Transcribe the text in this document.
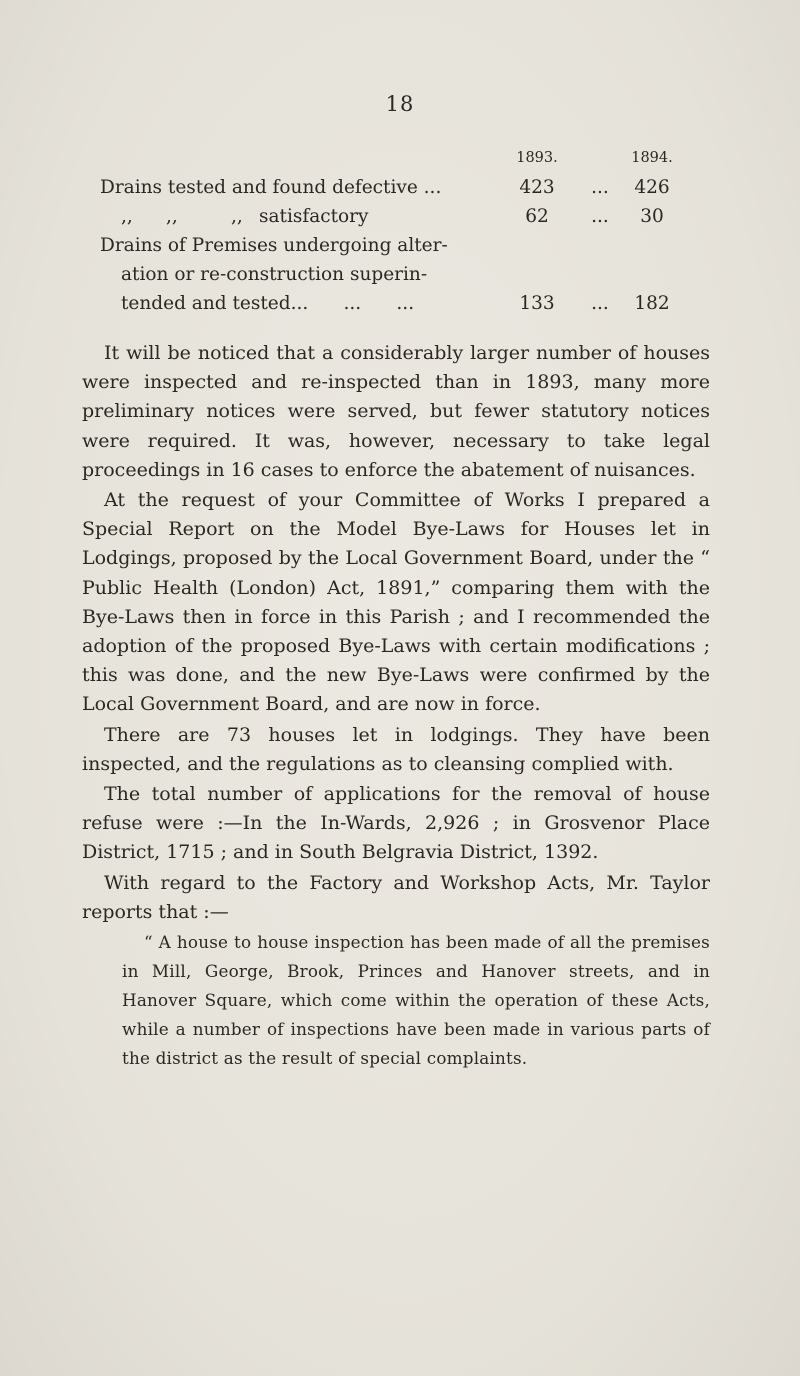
18
1893.	1894.
Drains tested and found defective ...	423	...	426
,, ,,	,, satisfactory	62	...	30
Drains of Premises undergoing alter-
ation or re-construction superin-
tended and tested...      ...      ...	133	...	182

It will be noticed that a considerably larger number of houses were inspected and re-inspected than in 1893, many more preliminary notices were served, but fewer statutory notices were required. It was, however, necessary to take legal proceedings in 16 cases to enforce the abatement of nuisances.

At the request of your Committee of Works I prepared a Special Report on the Model Bye-Laws for Houses let in Lodgings, proposed by the Local Government Board, under the “ Public Health (London) Act, 1891,” comparing them with the Bye-Laws then in force in this Parish ; and I recommended the adoption of the proposed Bye-Laws with certain modifications ; this was done, and the new Bye-Laws were confirmed by the Local Government Board, and are now in force.

There are 73 houses let in lodgings. They have been inspected, and the regulations as to cleansing complied with.

The total number of applications for the removal of house refuse were :—In the In-Wards, 2,926 ; in Grosvenor Place District, 1715 ; and in South Belgravia District, 1392.

With regard to the Factory and Workshop Acts, Mr. Taylor reports that :—

“ A house to house inspection has been made of all the premises in Mill, George, Brook, Princes and Hanover streets, and in Hanover Square, which come within the operation of these Acts, while a number of inspections have been made in various parts of the district as the result of special complaints.
